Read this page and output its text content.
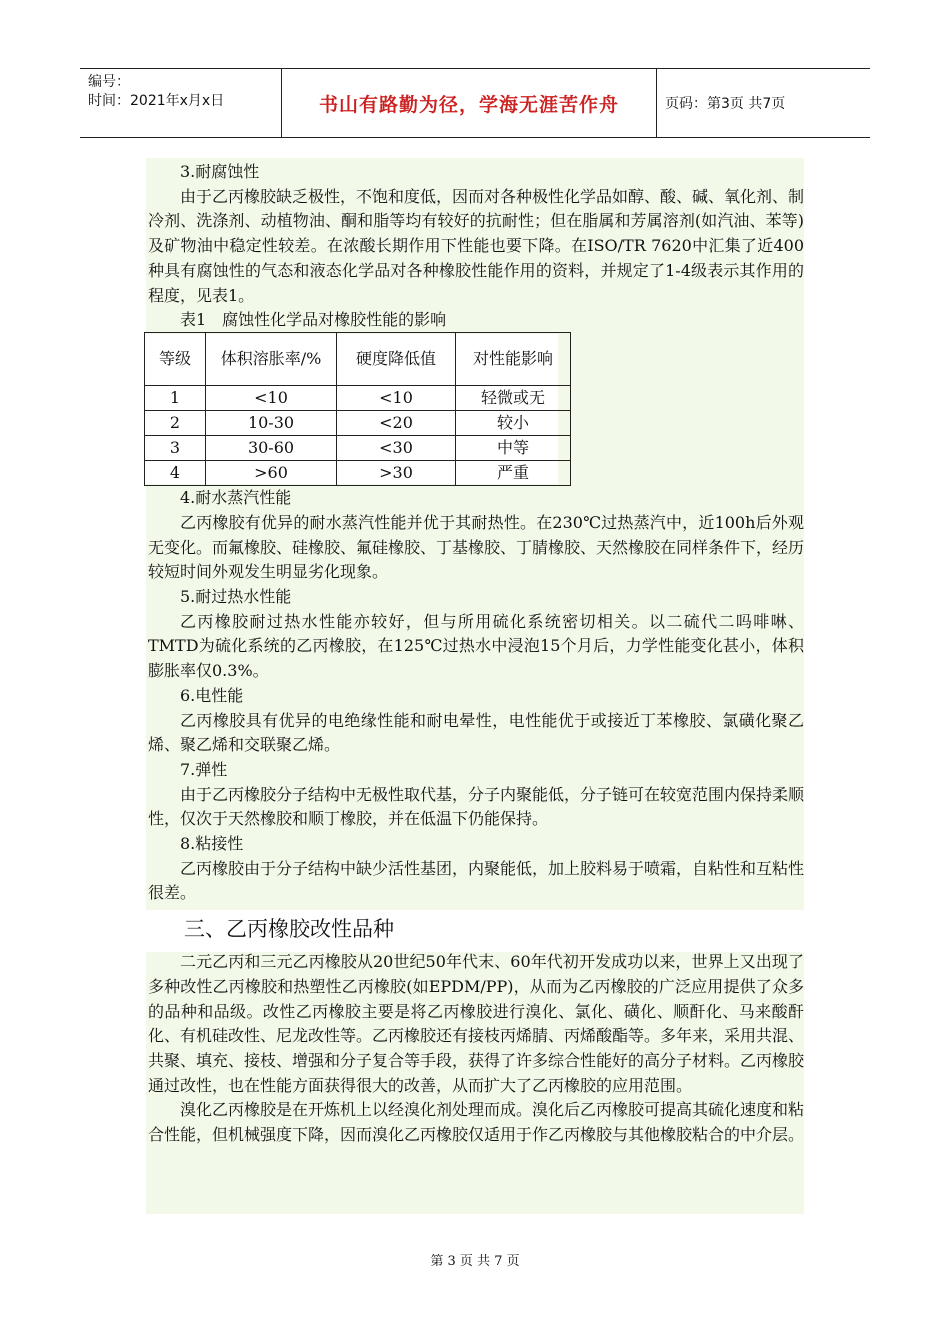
编号：
时间：2021年x月x日	书山有路勤为径，学海无涯苦作舟	页码：第3页 共7页

3.耐腐蚀性

由于乙丙橡胶缺乏极性，不饱和度低，因而对各种极性化学品如醇、酸、碱、氧化剂、制冷剂、洗涤剂、动植物油、酮和脂等均有较好的抗耐性；但在脂属和芳属溶剂(如汽油、苯等)及矿物油中稳定性较差。在浓酸长期作用下性能也要下降。在ISO/TR 7620中汇集了近400种具有腐蚀性的气态和液态化学品对各种橡胶性能作用的资料，并规定了1-4级表示其作用的程度，见表1。

表1　腐蚀性化学品对橡胶性能的影响

等级	体积溶胀率/%	硬度降低值	对性能影响
1	<10	<10	轻微或无
2	10-30	<20	较小
3	30-60	<30	中等
4	>60	>30	严重

4.耐水蒸汽性能

乙丙橡胶有优异的耐水蒸汽性能并优于其耐热性。在230℃过热蒸汽中，近100h后外观无变化。而氟橡胶、硅橡胶、氟硅橡胶、丁基橡胶、丁腈橡胶、天然橡胶在同样条件下，经历较短时间外观发生明显劣化现象。

5.耐过热水性能

乙丙橡胶耐过热水性能亦较好，但与所用硫化系统密切相关。以二硫代二吗啡啉、TMTD为硫化系统的乙丙橡胶，在125℃过热水中浸泡15个月后，力学性能变化甚小，体积膨胀率仅0.3%。

6.电性能

乙丙橡胶具有优异的电绝缘性能和耐电晕性，电性能优于或接近丁苯橡胶、氯磺化聚乙烯、聚乙烯和交联聚乙烯。

7.弹性

由于乙丙橡胶分子结构中无极性取代基，分子内聚能低，分子链可在较宽范围内保持柔顺性，仅次于天然橡胶和顺丁橡胶，并在低温下仍能保持。

8.粘接性

乙丙橡胶由于分子结构中缺少活性基团，内聚能低，加上胶料易于喷霜，自粘性和互粘性很差。

三、乙丙橡胶改性品种

二元乙丙和三元乙丙橡胶从20世纪50年代末、60年代初开发成功以来，世界上又出现了多种改性乙丙橡胶和热塑性乙丙橡胶(如EPDM/PP)，从而为乙丙橡胶的广泛应用提供了众多的品种和品级。改性乙丙橡胶主要是将乙丙橡胶进行溴化、氯化、磺化、顺酐化、马来酸酐化、有机硅改性、尼龙改性等。乙丙橡胶还有接枝丙烯腈、丙烯酸酯等。多年来，采用共混、共聚、填充、接枝、增强和分子复合等手段，获得了许多综合性能好的高分子材料。乙丙橡胶通过改性，也在性能方面获得很大的改善，从而扩大了乙丙橡胶的应用范围。

溴化乙丙橡胶是在开炼机上以经溴化剂处理而成。溴化后乙丙橡胶可提高其硫化速度和粘合性能，但机械强度下降，因而溴化乙丙橡胶仅适用于作乙丙橡胶与其他橡胶粘合的中介层。

第 3 页 共 7 页
